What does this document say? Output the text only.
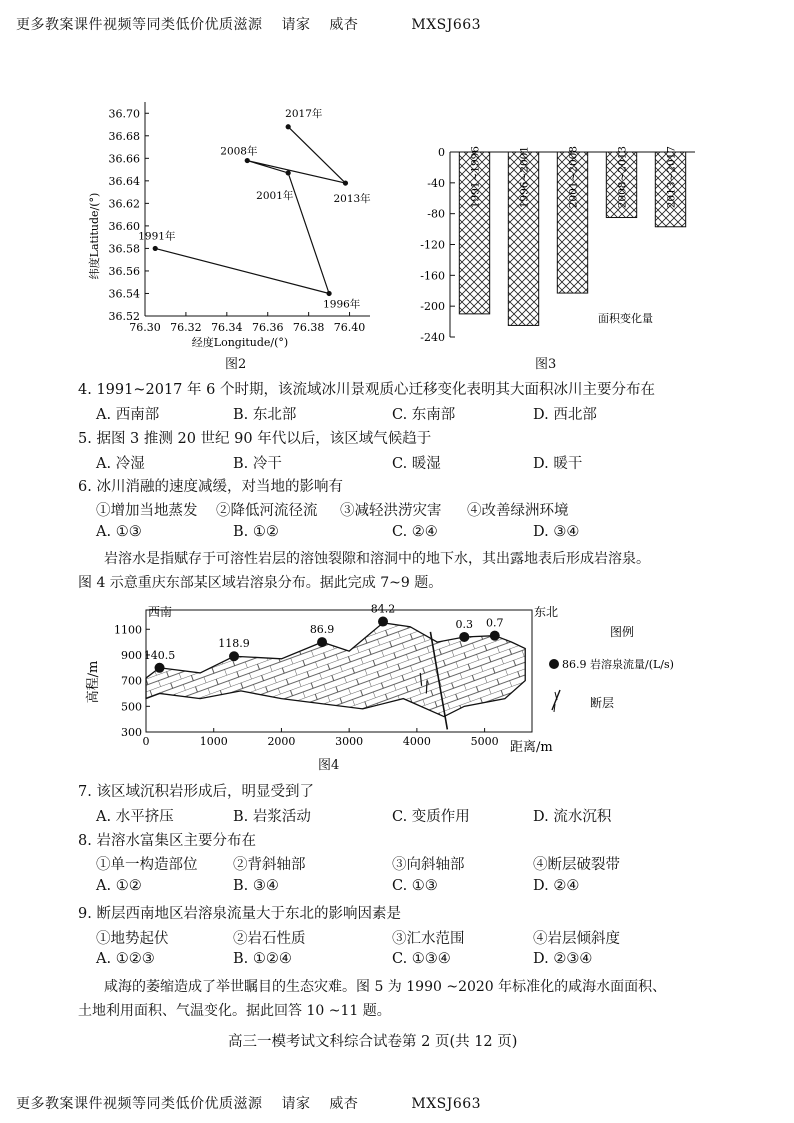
更多教案课件视频等同类低价优质滋源 请家 威杏	MXSJ663
76.30 76.32 76.34 76.36 76.38 76.40
36.52
36.54
36.56
36.58
36.60
36.62
36.64
36.66
36.68
36.70
1991年
1996年
2001年
2008年
2013年
2017年
纬度Latitude/(°)
经度Longitude/(°)
图2
0
-40
-80
-120
-160
-200
-240
1991~1996	1996~2001	2001~2008	2008~2013	2013~2017
面积变化量
图3
4. 1991~2017 年 6 个时期，该流域冰川景观质心迁移变化表明其大面积冰川主要分布在
A. 西南部	B. 东北部	C. 东南部	D. 西北部
5. 据图 3 推测 20 世纪 90 年代以后，该区域气候趋于
A. 冷湿	B. 冷干	C. 暖湿	D. 暖干
6. 冰川消融的速度减缓，对当地的影响有
①增加当地蒸发 ②降低河流径流 ③减轻洪涝灾害 ④改善绿洲环境
A. ①③	B. ①②	C. ②④	D. ③④
岩溶水是指赋存于可溶性岩层的溶蚀裂隙和溶洞中的地下水，其出露地表后形成岩溶泉。
图 4 示意重庆东部某区域岩溶泉分布。据此完成 7~9 题。
0	1000	2000	3000	4000	5000
300
500
700
900
1100
140.5
118.9
86.9
84.2
0.3 0.7
高程/m
西南	东北
距离/m
图例
86.9 岩溶泉流量/(L/s)
断层
图4
7. 该区域沉积岩形成后，明显受到了
A. 水平挤压	B. 岩浆活动	C. 变质作用	D. 流水沉积
8. 岩溶水富集区主要分布在
①单一构造部位 ②背斜轴部	③向斜轴部	④断层破裂带
A. ①②	B. ③④	C. ①③	D. ②④
9. 断层西南地区岩溶泉流量大于东北的影响因素是
①地势起伏	②岩石性质	③汇水范围	④岩层倾斜度
A. ①②③	B. ①②④	C. ①③④	D. ②③④
咸海的萎缩造成了举世瞩目的生态灾难。图 5 为 1990 ~2020 年标准化的咸海水面面积、
土地利用面积、气温变化。据此回答 10 ~11 题。
高三一模考试文科综合试卷第 2 页(共 12 页)
更多教案课件视频等同类低价优质滋源 请家 威杏	MXSJ663
